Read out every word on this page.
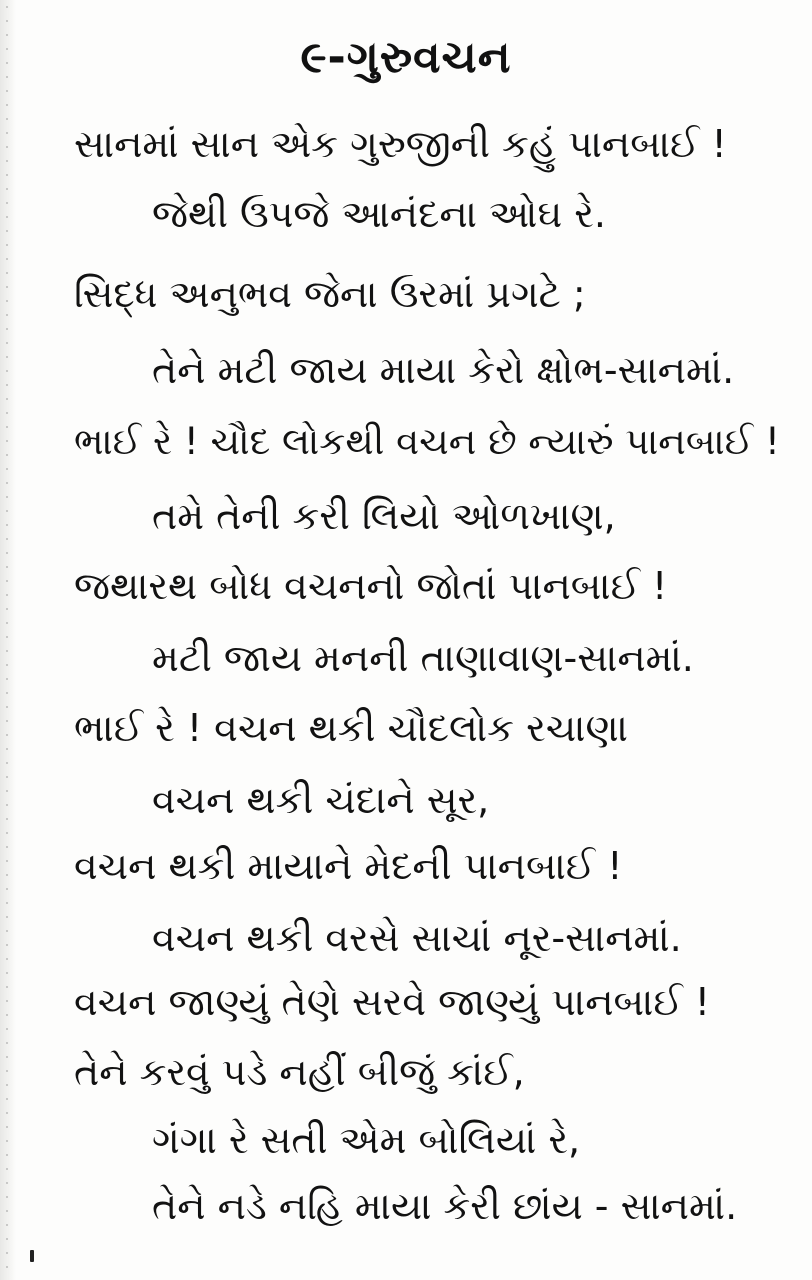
૯-ગુરુવચન

સાનમાં સાન એક ગુરુજીની કહું પાનબાઈ !

જેથી ઉપજે આનંદના ઓઘ રે.

સિદ્ધ અનુભવ જેના ઉરમાં પ્રગટે ;

તેને મટી જાય માયા કેરો ક્ષોભ-સાનમાં.

ભાઈ રે ! ચૌદ લોકથી વચન છે ન્યારું પાનબાઈ !

તમે તેની કરી લિયો ઓળખાણ,

જથારથ બોધ વચનનો જોતાં પાનબાઈ !

મટી જાય મનની તાણાવાણ-સાનમાં.

ભાઈ રે ! વચન થકી ચૌદલોક રચાણા

વચન થકી ચંદાને સૂર,

વચન થકી માયાને મેદની પાનબાઈ !

વચન થકી વરસે સાચાં નૂર-સાનમાં.

વચન જાણ્યું તેણે સરવે જાણ્યું પાનબાઈ !

તેને કરવું પડે નહીં બીજું કાંઈ,

ગંગા રે સતી એમ બોલિયાં રે,

તેને નડે નહિ માયા કેરી છાંય - સાનમાં.
